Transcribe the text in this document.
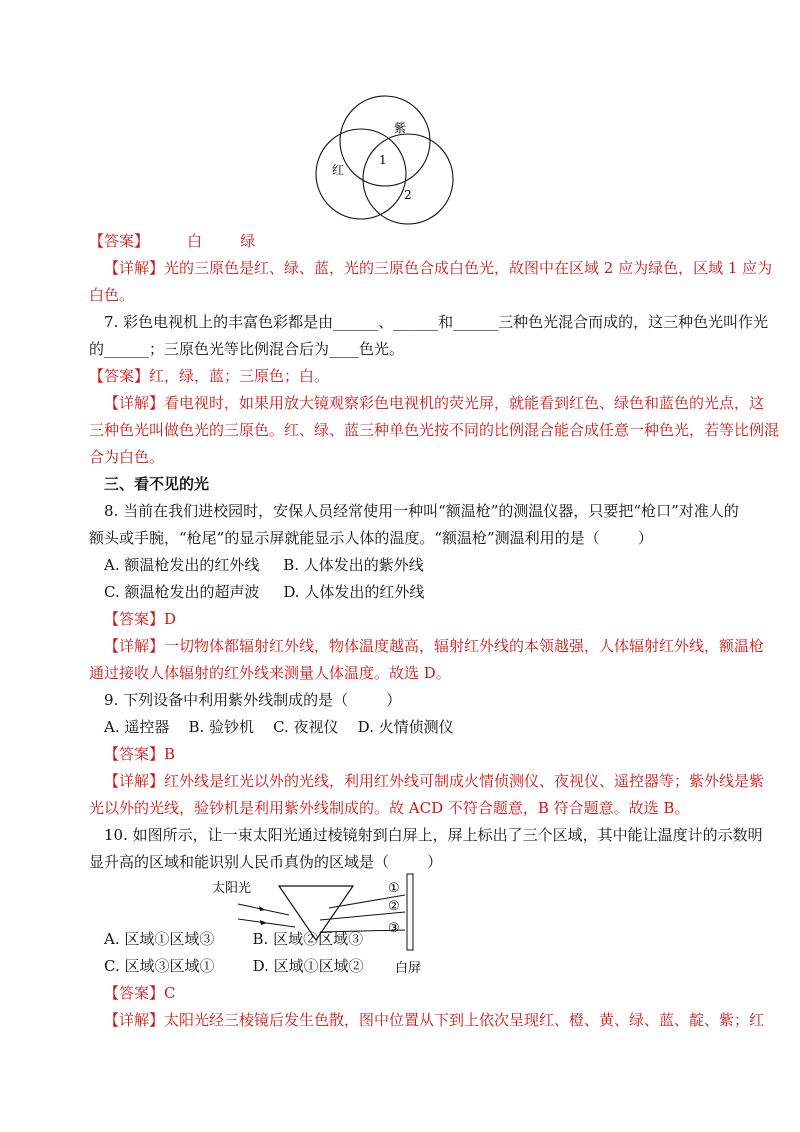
紫
红
1
2
【答案】        白        绿
【详解】光的三原色是红、绿、蓝，光的三原色合成白色光，故图中在区域 2 应为绿色，区域 1 应为
白色。
7. 彩色电视机上的丰富色彩都是由______、______和______三种色光混合而成的，这三种色光叫作光
的______；三原色光等比例混合后为____色光。
【答案】红，绿，蓝；三原色；白。
【详解】看电视时，如果用放大镜观察彩色电视机的荧光屏，就能看到红色、绿色和蓝色的光点，这
三种色光叫做色光的三原色。红、绿、蓝三种单色光按不同的比例混合能合成任意一种色光，若等比例混
合为白色。
三、看不见的光
8. 当前在我们进校园时，安保人员经常使用一种叫“额温枪”的测温仪器，只要把“枪口”对准人的
额头或手腕，“枪尾”的显示屏就能显示人体的温度。“额温枪”测温利用的是（        ）
A. 额温枪发出的红外线     B. 人体发出的紫外线
C. 额温枪发出的超声波     D. 人体发出的红外线
【答案】D
【详解】一切物体都辐射红外线，物体温度越高，辐射红外线的本领越强，人体辐射红外线，额温枪
通过接收人体辐射的红外线来测量人体温度。故选 D。
9. 下列设备中利用紫外线制成的是（        ）
A. 遥控器    B. 验钞机    C. 夜视仪    D. 火情侦测仪
【答案】B
【详解】红外线是红光以外的光线，利用红外线可制成火情侦测仪、夜视仪、遥控器等；紫外线是紫
光以外的光线，验钞机是利用紫外线制成的。故 ACD 不符合题意，B 符合题意。故选 B。
10. 如图所示，让一束太阳光通过棱镜射到白屏上，屏上标出了三个区域，其中能让温度计的示数明
显升高的区域和能识别人民币真伪的区域是（        ）
太阳光	①
②
③
白屏
A. 区域①区域③        B. 区域②区域③
C. 区域③区域①        D. 区域①区域②
【答案】C
【详解】太阳光经三棱镜后发生色散，图中位置从下到上依次呈现红、橙、黄、绿、蓝、靛、紫；红
